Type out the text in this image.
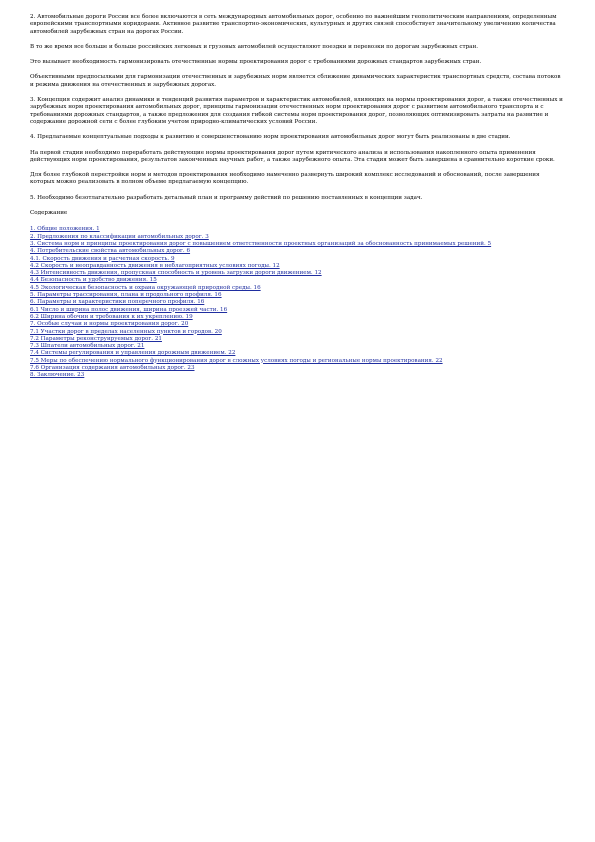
2. Автомобильные дороги России все более включаются в сеть международных автомобильных дорог, особенно по важнейшим геополитическим направлениям, определенным европейскими транспортными коридорами. Активное развитие транспортно-экономических, культурных и других связей способствует значительному увеличению количества автомобилей зарубежных стран на дорогах России.

В то же время все больше и больше российских легковых и грузовых автомобилей осуществляют поездки и перевозки по дорогам зарубежных стран.

Это вызывает необходимость гармонизировать отечественные нормы проектирования дорог с требованиями дорожных стандартов зарубежных стран.

Объективными предпосылками для гармонизации отечественных и зарубежных норм является сближение динамических характеристик транспортных средств, состава потоков и режима движения на отечественных и зарубежных дорогах.

3. Концепция содержит анализ динамики и тенденций развития параметров и характеристик автомобилей, влияющих на нормы проектирования дорог, а также отечественных и зарубежных норм проектирования автомобильных дорог, принципы гармонизации отечественных норм проектирования дорог с развитием автомобильного транспорта и с требованиями дорожных стандартов, а также предложения для создания гибкой системы норм проектирования дорог, позволяющих оптимизировать затраты на развитие и содержание дорожной сети с более глубоким учетом природно-климатических условий России.

4. Предлагаемые концептуальные подходы к развитию и совершенствованию норм проектирования автомобильных дорог могут быть реализованы в две стадии.

На первой стадии необходимо переработать действующие нормы проектирования дорог путем критического анализа и использования накопленного опыта применения действующих норм проектирования, результатов законченных научных работ, а также зарубежного опыта. Эта стадия может быть завершена в сравнительно короткие сроки.

Для более глубокой перестройки норм и методов проектирования необходимо намеченно развернуть широкий комплекс исследований и обоснований, после завершения которых можно реализовать в полном объеме предлагаемую концепцию.

5. Необходимо безотлагательно разработать детальный план и программу действий по решению поставленных в концепции задач.

Содержание

1. Общие положения. 1
2. Предложения по классификации автомобильных дорог. 3
3. Система норм и принципы проектирования дорог с повышением ответственности проектных организаций за обоснованность принимаемых решений. 5
4. Потребительские свойства автомобильных дорог. 6
4.1. Скорость движения и расчетная скорость. 9
4.2 Скорость и неоправданность движения в неблагоприятных условиях погоды. 12
4.3 Интенсивность движения, пропускная способность и уровень загрузки дороги движением. 12
4.4 Безопасность и удобство движения. 15
4.5 Экологическая безопасность и охрана окружающей природной среды. 16
5. Параметры трассирования, плана и продольного профиля. 16
6. Параметры и характеристики поперечного профиля. 16
6.1 Число и ширина полос движения, ширина проезжей части. 16
6.2 Ширина обочин и требования к их укреплению. 19
7. Особые случаи и нормы проектирования дорог. 20
7.1 Участки дорог в пределах населенных пунктов и городов. 20
7.2 Параметры реконструируемых дорог. 21
7.3 Шпатели автомобильных дорог. 21
7.4 Системы регулирования и управления дорожным движением. 22
7.5 Меры по обеспечению нормального функционирования дорог в сложных условиях погоды и региональные нормы проектирования. 22
7.6 Организация содержания автомобильных дорог. 23
8. Заключение. 23
